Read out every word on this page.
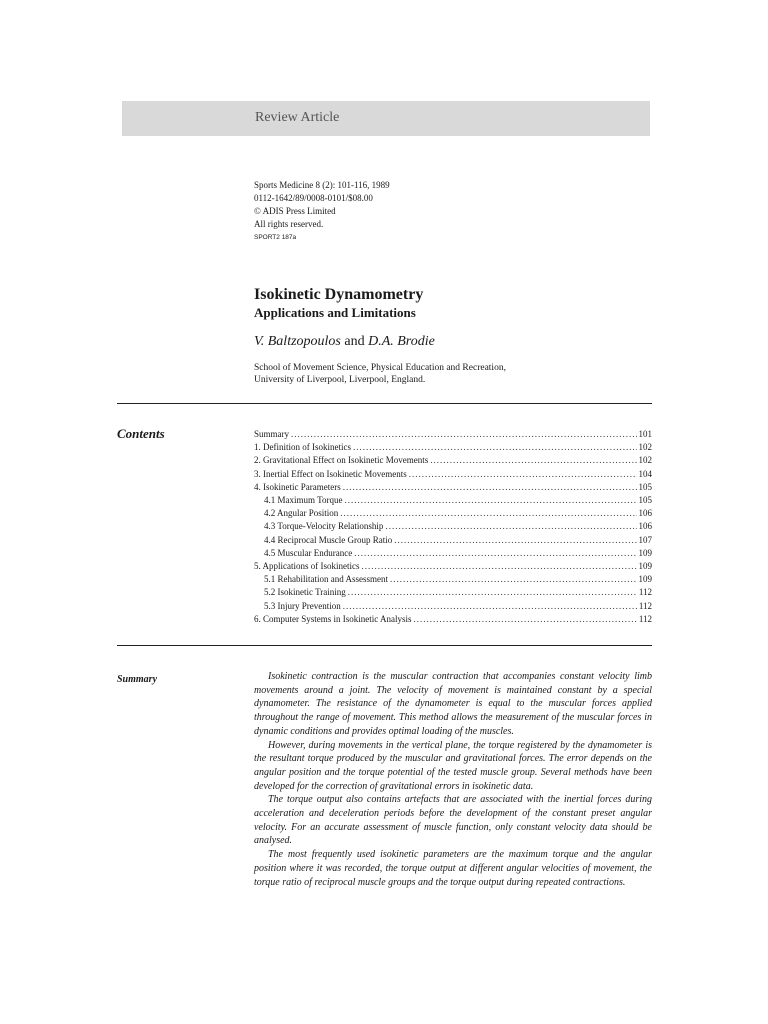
Review Article
Sports Medicine 8 (2): 101-116, 1989
0112-1642/89/0008-0101/$08.00
© ADIS Press Limited
All rights reserved.
SPORT2 187a
Isokinetic Dynamometry
Applications and Limitations
V. Baltzopoulos and D.A. Brodie
School of Movement Science, Physical Education and Recreation,
University of Liverpool, Liverpool, England.
Contents	Summary .....	101
1. Definition of Isokinetics .....	102
2. Gravitational Effect on Isokinetic Movements .....	102
3. Inertial Effect on Isokinetic Movements .....	104
4. Isokinetic Parameters .....	105
4.1 Maximum Torque .....	105
4.2 Angular Position .....	106
4.3 Torque-Velocity Relationship .....	106
4.4 Reciprocal Muscle Group Ratio .....	107
4.5 Muscular Endurance .....	109
5. Applications of Isokinetics .....	109
5.1 Rehabilitation and Assessment .....	109
5.2 Isokinetic Training .....	112
5.3 Injury Prevention .....	112
6. Computer Systems in Isokinetic Analysis .....	112
Summary	Isokinetic contraction is the muscular contraction that accompanies constant velocity limb movements around a joint. The velocity of movement is maintained constant by a special dynamometer. The resistance of the dynamometer is equal to the muscular forces applied throughout the range of movement. This method allows the measurement of the muscular forces in dynamic conditions and provides optimal loading of the muscles.

However, during movements in the vertical plane, the torque registered by the dynamometer is the resultant torque produced by the muscular and gravitational forces. The error depends on the angular position and the torque potential of the tested muscle group. Several methods have been developed for the correction of gravitational errors in isokinetic data.

The torque output also contains artefacts that are associated with the inertial forces during acceleration and deceleration periods before the development of the constant preset angular velocity. For an accurate assessment of muscle function, only constant velocity data should be analysed.

The most frequently used isokinetic parameters are the maximum torque and the angular position where it was recorded, the torque output at different angular velocities of movement, the torque ratio of reciprocal muscle groups and the torque output during repeated contractions.
